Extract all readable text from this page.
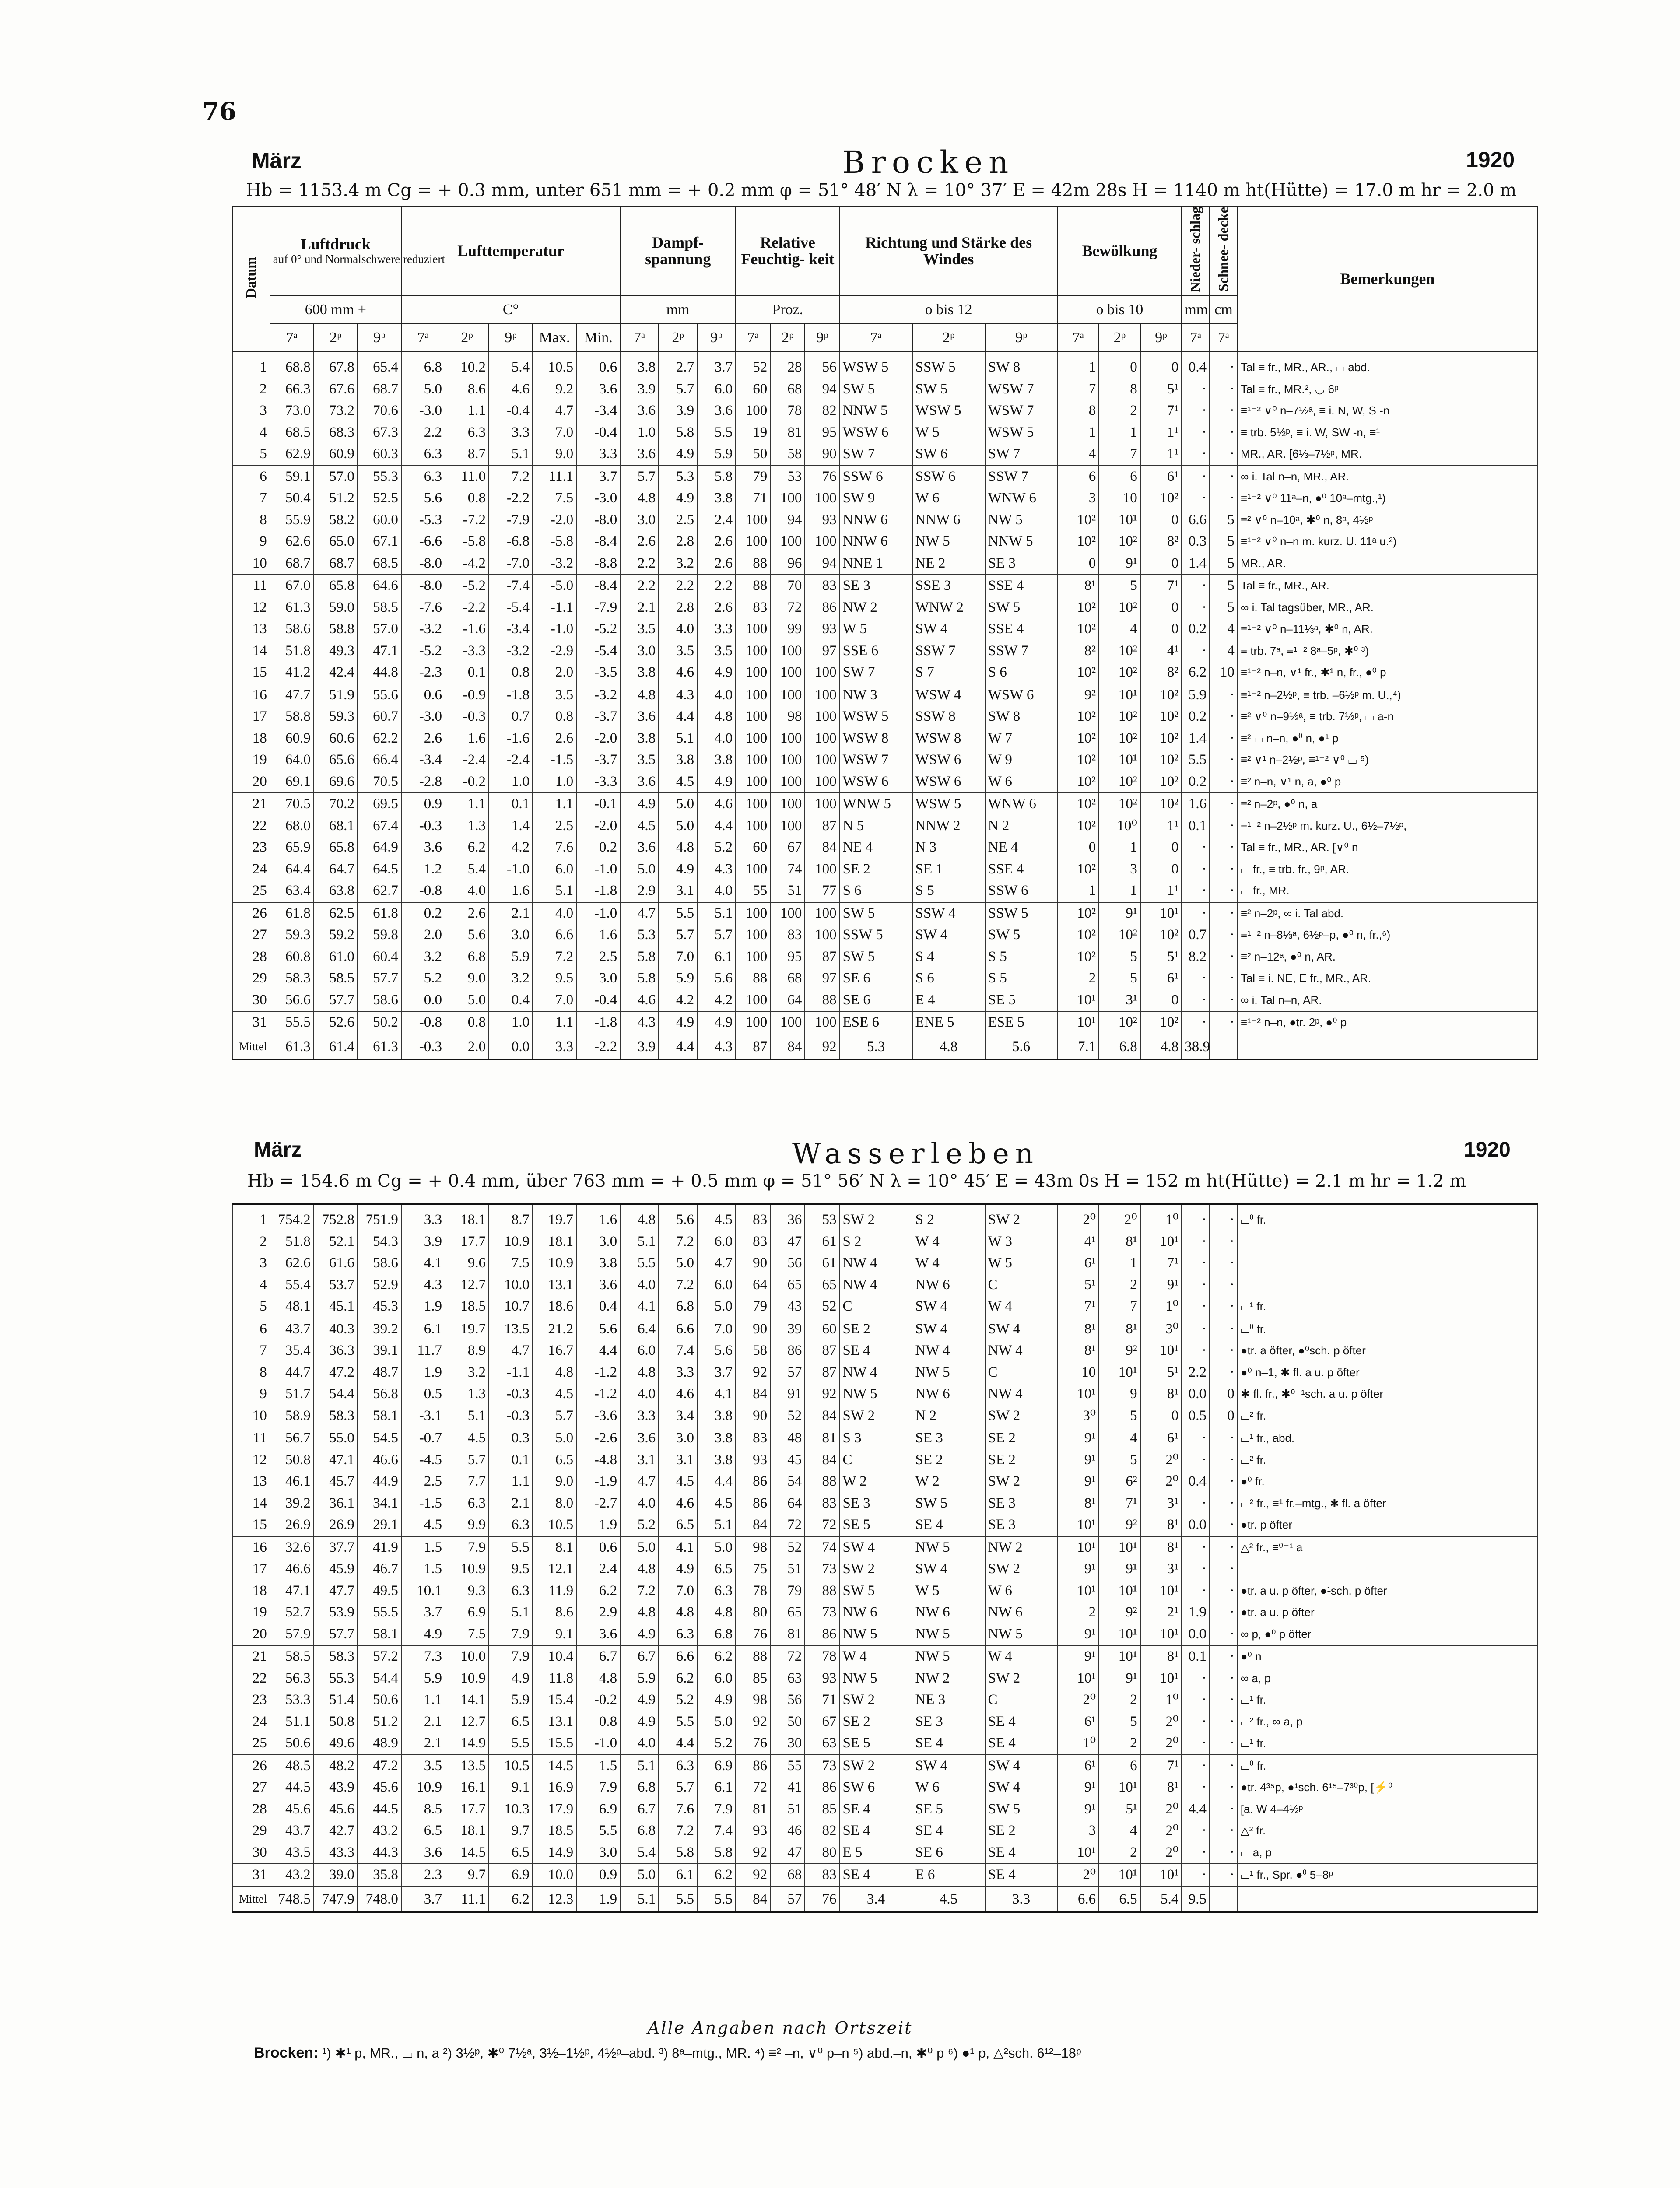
76
März	Brocken	1920
Hb = 1153.4 m Cg = + 0.3 mm, unter 651 mm = + 0.2 mm φ = 51° 48′ N λ = 10° 37′ E = 42m 28s H = 1140 m ht(Hütte) = 17.0 m hr = 2.0 m
Datum	Luftdruck
auf 0° und Normalschwere reduziert			Lufttemperatur					Dampf- spannung			Relative Feuchtig- keit			Richtung und Stärke des Windes			Bewölkung			Nieder- schlag	Schnee- decke	Bemerkungen
	600 mm +			C°					mm			Proz.			o bis 12			o bis 10			mm	cm	
	7ᵃ	2ᵖ	9ᵖ	7ᵃ	2ᵖ	9ᵖ	Max.	Min.	7ᵃ	2ᵖ	9ᵖ	7ᵃ	2ᵖ	9ᵖ	7ᵃ	2ᵖ	9ᵖ	7ᵃ	2ᵖ	9ᵖ	7ᵃ	7ᵃ	
1	68.8	67.8	65.4	6.8	10.2	5.4	10.5	0.6	3.8	2.7	3.7	52	28	56	WSW 5	SSW 5	SW 8	1	0	0	0.4	·	Tal ≡ fr., MR., AR., ⌴ abd.
2	66.3	67.6	68.7	5.0	8.6	4.6	9.2	3.6	3.9	5.7	6.0	60	68	94	SW 5	SW 5	WSW 7	7	8	5¹	·	·	Tal ≡ fr., MR.², ◡ 6ᵖ
3	73.0	73.2	70.6	-3.0	1.1	-0.4	4.7	-3.4	3.6	3.9	3.6	100	78	82	NNW 5	WSW 5	WSW 7	8	2	7¹	·	·	≡¹⁻² ∨⁰ n–7½ᵃ, ≡ i. N, W, S -n
4	68.5	68.3	67.3	2.2	6.3	3.3	7.0	-0.4	1.0	5.8	5.5	19	81	95	WSW 6	W 5	WSW 5	1	1	1¹	·	·	≡ trb. 5½ᵖ, ≡ i. W, SW -n, ≡¹
5	62.9	60.9	60.3	6.3	8.7	5.1	9.0	3.3	3.6	4.9	5.9	50	58	90	SW 7	SW 6	SW 7	4	7	1¹	·	·	MR., AR. [6⅓–7½ᵖ, MR.
6	59.1	57.0	55.3	6.3	11.0	7.2	11.1	3.7	5.7	5.3	5.8	79	53	76	SSW 6	SSW 6	SSW 7	6	6	6¹	·	·	∞ i. Tal n–n, MR., AR.
7	50.4	51.2	52.5	5.6	0.8	-2.2	7.5	-3.0	4.8	4.9	3.8	71	100	100	SW 9	W 6	WNW 6	3	10	10²	·	·	≡¹⁻² ∨⁰ 11ᵃ–n, ●⁰ 10ᵃ–mtg.,¹)
8	55.9	58.2	60.0	-5.3	-7.2	-7.9	-2.0	-8.0	3.0	2.5	2.4	100	94	93	NNW 6	NNW 6	NW 5	10²	10¹	0	6.6	5	≡² ∨⁰ n–10ᵃ, ✱⁰ n, 8ᵃ, 4½ᵖ
9	62.6	65.0	67.1	-6.6	-5.8	-6.8	-5.8	-8.4	2.6	2.8	2.6	100	100	100	NNW 6	NW 5	NNW 5	10²	10²	8²	0.3	5	≡¹⁻² ∨⁰ n–n m. kurz. U. 11ᵃ u.²)
10	68.7	68.7	68.5	-8.0	-4.2	-7.0	-3.2	-8.8	2.2	3.2	2.6	88	96	94	NNE 1	NE 2	SE 3	0	9¹	0	1.4	5	MR., AR.
11	67.0	65.8	64.6	-8.0	-5.2	-7.4	-5.0	-8.4	2.2	2.2	2.2	88	70	83	SE 3	SSE 3	SSE 4	8¹	5	7¹	·	5	Tal ≡ fr., MR., AR.
12	61.3	59.0	58.5	-7.6	-2.2	-5.4	-1.1	-7.9	2.1	2.8	2.6	83	72	86	NW 2	WNW 2	SW 5	10²	10²	0	·	5	∞ i. Tal tagsüber, MR., AR.
13	58.6	58.8	57.0	-3.2	-1.6	-3.4	-1.0	-5.2	3.5	4.0	3.3	100	99	93	W 5	SW 4	SSE 4	10²	4	0	0.2	4	≡¹⁻² ∨⁰ n–11⅓ᵃ, ✱⁰ n, AR.
14	51.8	49.3	47.1	-5.2	-3.3	-3.2	-2.9	-5.4	3.0	3.5	3.5	100	100	97	SSE 6	SSW 7	SSW 7	8²	10²	4¹	·	4	≡ trb. 7ᵃ, ≡¹⁻² 8ᵃ–5ᵖ, ✱⁰ ³)
15	41.2	42.4	44.8	-2.3	0.1	0.8	2.0	-3.5	3.8	4.6	4.9	100	100	100	SW 7	S 7	S 6	10²	10²	8²	6.2	10	≡¹⁻² n–n, ∨¹ fr., ✱¹ n, fr., ●⁰ p
16	47.7	51.9	55.6	0.6	-0.9	-1.8	3.5	-3.2	4.8	4.3	4.0	100	100	100	NW 3	WSW 4	WSW 6	9²	10¹	10²	5.9	·	≡¹⁻² n–2½ᵖ, ≡ trb. –6½ᵖ m. U.,⁴)
17	58.8	59.3	60.7	-3.0	-0.3	0.7	0.8	-3.7	3.6	4.4	4.8	100	98	100	WSW 5	SSW 8	SW 8	10²	10²	10²	0.2	·	≡² ∨⁰ n–9½ᵃ, ≡ trb. 7½ᵖ, ⌴ a-n
18	60.9	60.6	62.2	2.6	1.6	-1.6	2.6	-2.0	3.8	5.1	4.0	100	100	100	WSW 8	WSW 8	W 7	10²	10²	10²	1.4	·	≡² ⌴ n–n, ●⁰ n, ●¹ p
19	64.0	65.6	66.4	-3.4	-2.4	-2.4	-1.5	-3.7	3.5	3.8	3.8	100	100	100	WSW 7	WSW 6	W 9	10²	10¹	10²	5.5	·	≡² ∨¹ n–2½ᵖ, ≡¹⁻² ∨⁰ ⌴ ⁵)
20	69.1	69.6	70.5	-2.8	-0.2	1.0	1.0	-3.3	3.6	4.5	4.9	100	100	100	WSW 6	WSW 6	W 6	10²	10²	10²	0.2	·	≡² n–n, ∨¹ n, a, ●⁰ p
21	70.5	70.2	69.5	0.9	1.1	0.1	1.1	-0.1	4.9	5.0	4.6	100	100	100	WNW 5	WSW 5	WNW 6	10²	10²	10²	1.6	·	≡² n–2ᵖ, ●⁰ n, a
22	68.0	68.1	67.4	-0.3	1.3	1.4	2.5	-2.0	4.5	5.0	4.4	100	100	87	N 5	NNW 2	N 2	10²	10⁰	1¹	0.1	·	≡¹⁻² n–2½ᵖ m. kurz. U., 6½–7½ᵖ,
23	65.9	65.8	64.9	3.6	6.2	4.2	7.6	0.2	3.6	4.8	5.2	60	67	84	NE 4	N 3	NE 4	0	1	0	·	·	Tal ≡ fr., MR., AR. [∨⁰ n
24	64.4	64.7	64.5	1.2	5.4	-1.0	6.0	-1.0	5.0	4.9	4.3	100	74	100	SE 2	SE 1	SSE 4	10²	3	0	·	·	⌴ fr., ≡ trb. fr., 9ᵖ, AR.
25	63.4	63.8	62.7	-0.8	4.0	1.6	5.1	-1.8	2.9	3.1	4.0	55	51	77	S 6	S 5	SSW 6	1	1	1¹	·	·	⌴ fr., MR.
26	61.8	62.5	61.8	0.2	2.6	2.1	4.0	-1.0	4.7	5.5	5.1	100	100	100	SW 5	SSW 4	SSW 5	10²	9¹	10¹	·	·	≡² n–2ᵖ, ∞ i. Tal abd.
27	59.3	59.2	59.8	2.0	5.6	3.0	6.6	1.6	5.3	5.7	5.7	100	83	100	SSW 5	SW 4	SW 5	10²	10²	10²	0.7	·	≡¹⁻² n–8⅓ᵃ, 6½ᵖ–p, ●⁰ n, fr.,⁶)
28	60.8	61.0	60.4	3.2	6.8	5.9	7.2	2.5	5.8	7.0	6.1	100	95	87	SW 5	S 4	S 5	10²	5	5¹	8.2	·	≡² n–12ᵃ, ●⁰ n, AR.
29	58.3	58.5	57.7	5.2	9.0	3.2	9.5	3.0	5.8	5.9	5.6	88	68	97	SE 6	S 6	S 5	2	5	6¹	·	·	Tal ≡ i. NE, E fr., MR., AR.
30	56.6	57.7	58.6	0.0	5.0	0.4	7.0	-0.4	4.6	4.2	4.2	100	64	88	SE 6	E 4	SE 5	10¹	3¹	0	·	·	∞ i. Tal n–n, AR.
31	55.5	52.6	50.2	-0.8	0.8	1.0	1.1	-1.8	4.3	4.9	4.9	100	100	100	ESE 6	ENE 5	ESE 5	10¹	10²	10²	·	·	≡¹⁻² n–n, ●tr. 2ᵖ, ●⁰ p
Mittel	61.3	61.4	61.3	-0.3	2.0	0.0	3.3	-2.2	3.9	4.4	4.3	87	84	92	5.3	4.8	5.6	7.1	6.8	4.8	38.9		
März	Wasserleben	1920
Hb = 154.6 m Cg = + 0.4 mm, über 763 mm = + 0.5 mm φ = 51° 56′ N λ = 10° 45′ E = 43m 0s H = 152 m ht(Hütte) = 2.1 m hr = 1.2 m
1	754.2	752.8	751.9	3.3	18.1	8.7	19.7	1.6	4.8	5.6	4.5	83	36	53	SW 2	S 2	SW 2	2⁰	2⁰	1⁰	·	·	⌴⁰ fr.
2	51.8	52.1	54.3	3.9	17.7	10.9	18.1	3.0	5.1	7.2	6.0	83	47	61	S 2	W 4	W 3	4¹	8¹	10¹	·	·	
3	62.6	61.6	58.6	4.1	9.6	7.5	10.9	3.8	5.5	5.0	4.7	90	56	61	NW 4	W 4	W 5	6¹	1	7¹	·	·	
4	55.4	53.7	52.9	4.3	12.7	10.0	13.1	3.6	4.0	7.2	6.0	64	65	65	NW 4	NW 6	C	5¹	2	9¹	·	·	
5	48.1	45.1	45.3	1.9	18.5	10.7	18.6	0.4	4.1	6.8	5.0	79	43	52	C	SW 4	W 4	7¹	7	1⁰	·	·	⌴¹ fr.
6	43.7	40.3	39.2	6.1	19.7	13.5	21.2	5.6	6.4	6.6	7.0	90	39	60	SE 2	SW 4	SW 4	8¹	8¹	3⁰	·	·	⌴⁰ fr.
7	35.4	36.3	39.1	11.7	8.9	4.7	16.7	4.4	6.0	7.4	5.6	58	86	87	SE 4	NW 4	NW 4	8¹	9²	10¹	·	·	●tr. a öfter, ●⁰sch. p öfter
8	44.7	47.2	48.7	1.9	3.2	-1.1	4.8	-1.2	4.8	3.3	3.7	92	57	87	NW 4	NW 5	C	10	10¹	5¹	2.2	·	●⁰ n–1, ✱ fl. a u. p öfter
9	51.7	54.4	56.8	0.5	1.3	-0.3	4.5	-1.2	4.0	4.6	4.1	84	91	92	NW 5	NW 6	NW 4	10¹	9	8¹	0.0	0	✱ fl. fr., ✱⁰⁻¹sch. a u. p öfter
10	58.9	58.3	58.1	-3.1	5.1	-0.3	5.7	-3.6	3.3	3.4	3.8	90	52	84	SW 2	N 2	SW 2	3⁰	5	0	0.5	0	⌴² fr.
11	56.7	55.0	54.5	-0.7	4.5	0.3	5.0	-2.6	3.6	3.0	3.8	83	48	81	S 3	SE 3	SE 2	9¹	4	6¹	·	·	⌴¹ fr., abd.
12	50.8	47.1	46.6	-4.5	5.7	0.1	6.5	-4.8	3.1	3.1	3.8	93	45	84	C	SE 2	SE 2	9¹	5	2⁰	·	·	⌴² fr.
13	46.1	45.7	44.9	2.5	7.7	1.1	9.0	-1.9	4.7	4.5	4.4	86	54	88	W 2	W 2	SW 2	9¹	6²	2⁰	0.4	·	●⁰ fr.
14	39.2	36.1	34.1	-1.5	6.3	2.1	8.0	-2.7	4.0	4.6	4.5	86	64	83	SE 3	SW 5	SE 3	8¹	7¹	3¹	·	·	⌴² fr., ≡¹ fr.–mtg., ✱ fl. a öfter
15	26.9	26.9	29.1	4.5	9.9	6.3	10.5	1.9	5.2	6.5	5.1	84	72	72	SE 5	SE 4	SE 3	10¹	9²	8¹	0.0	·	●tr. p öfter
16	32.6	37.7	41.9	1.5	7.9	5.5	8.1	0.6	5.0	4.1	5.0	98	52	74	SW 4	NW 5	NW 2	10¹	10¹	8¹	·	·	△² fr., ≡⁰⁻¹ a
17	46.6	45.9	46.7	1.5	10.9	9.5	12.1	2.4	4.8	4.9	6.5	75	51	73	SW 2	SW 4	SW 2	9¹	9¹	3¹	·	·	
18	47.1	47.7	49.5	10.1	9.3	6.3	11.9	6.2	7.2	7.0	6.3	78	79	88	SW 5	W 5	W 6	10¹	10¹	10¹	·	·	●tr. a u. p öfter, ●¹sch. p öfter
19	52.7	53.9	55.5	3.7	6.9	5.1	8.6	2.9	4.8	4.8	4.8	80	65	73	NW 6	NW 6	NW 6	2	9²	2¹	1.9	·	●tr. a u. p öfter
20	57.9	57.7	58.1	4.9	7.5	7.9	9.1	3.6	4.9	6.3	6.8	76	81	86	NW 5	NW 5	NW 5	9¹	10¹	10¹	0.0	·	∞ p, ●⁰ p öfter
21	58.5	58.3	57.2	7.3	10.0	7.9	10.4	6.7	6.7	6.6	6.2	88	72	78	W 4	NW 5	W 4	9¹	10¹	8¹	0.1	·	●⁰ n
22	56.3	55.3	54.4	5.9	10.9	4.9	11.8	4.8	5.9	6.2	6.0	85	63	93	NW 5	NW 2	SW 2	10¹	9¹	10¹	·	·	∞ a, p
23	53.3	51.4	50.6	1.1	14.1	5.9	15.4	-0.2	4.9	5.2	4.9	98	56	71	SW 2	NE 3	C	2⁰	2	1⁰	·	·	⌴¹ fr.
24	51.1	50.8	51.2	2.1	12.7	6.5	13.1	0.8	4.9	5.5	5.0	92	50	67	SE 2	SE 3	SE 4	6¹	5	2⁰	·	·	⌴² fr., ∞ a, p
25	50.6	49.6	48.9	2.1	14.9	5.5	15.5	-1.0	4.0	4.4	5.2	76	30	63	SE 5	SE 4	SE 4	1⁰	2	2⁰	·	·	⌴¹ fr.
26	48.5	48.2	47.2	3.5	13.5	10.5	14.5	1.5	5.1	6.3	6.9	86	55	73	SW 2	SW 4	SW 4	6¹	6	7¹	·	·	⌴⁰ fr.
27	44.5	43.9	45.6	10.9	16.1	9.1	16.9	7.9	6.8	5.7	6.1	72	41	86	SW 6	W 6	SW 4	9¹	10¹	8¹	·	·	●tr. 4³⁵p, ●¹sch. 6¹⁵–7³⁰p, [⚡⁰
28	45.6	45.6	44.5	8.5	17.7	10.3	17.9	6.9	6.7	7.6	7.9	81	51	85	SE 4	SE 5	SW 5	9¹	5¹	2⁰	4.4	·	[a. W 4–4½ᵖ
29	43.7	42.7	43.2	6.5	18.1	9.7	18.5	5.5	6.8	7.2	7.4	93	46	82	SE 4	SE 4	SE 2	3	4	2⁰	·	·	△² fr.
30	43.5	43.3	44.3	3.6	14.5	6.5	14.9	3.0	5.4	5.8	5.8	92	47	80	E 5	SE 6	SE 4	10¹	2	2⁰	·	·	⌴ a, p
31	43.2	39.0	35.8	2.3	9.7	6.9	10.0	0.9	5.0	6.1	6.2	92	68	83	SE 4	E 6	SE 4	2⁰	10¹	10¹	·	·	⌴¹ fr., Spr. ●⁰ 5–8ᵖ
Mittel	748.5	747.9	748.0	3.7	11.1	6.2	12.3	1.9	5.1	5.5	5.5	84	57	76	3.4	4.5	3.3	6.6	6.5	5.4	9.5		
Alle Angaben nach Ortszeit
Brocken: ¹) ✱¹ p, MR., ⌴ n, a ²) 3½ᵖ, ✱⁰ 7½ᵃ, 3½–1½ᵖ, 4½ᵖ–abd. ³) 8ᵃ–mtg., MR. ⁴) ≡² –n, ∨⁰ p–n ⁵) abd.–n, ✱⁰ p ⁶) ●¹ p, △²sch. 6¹²–18ᵖ
